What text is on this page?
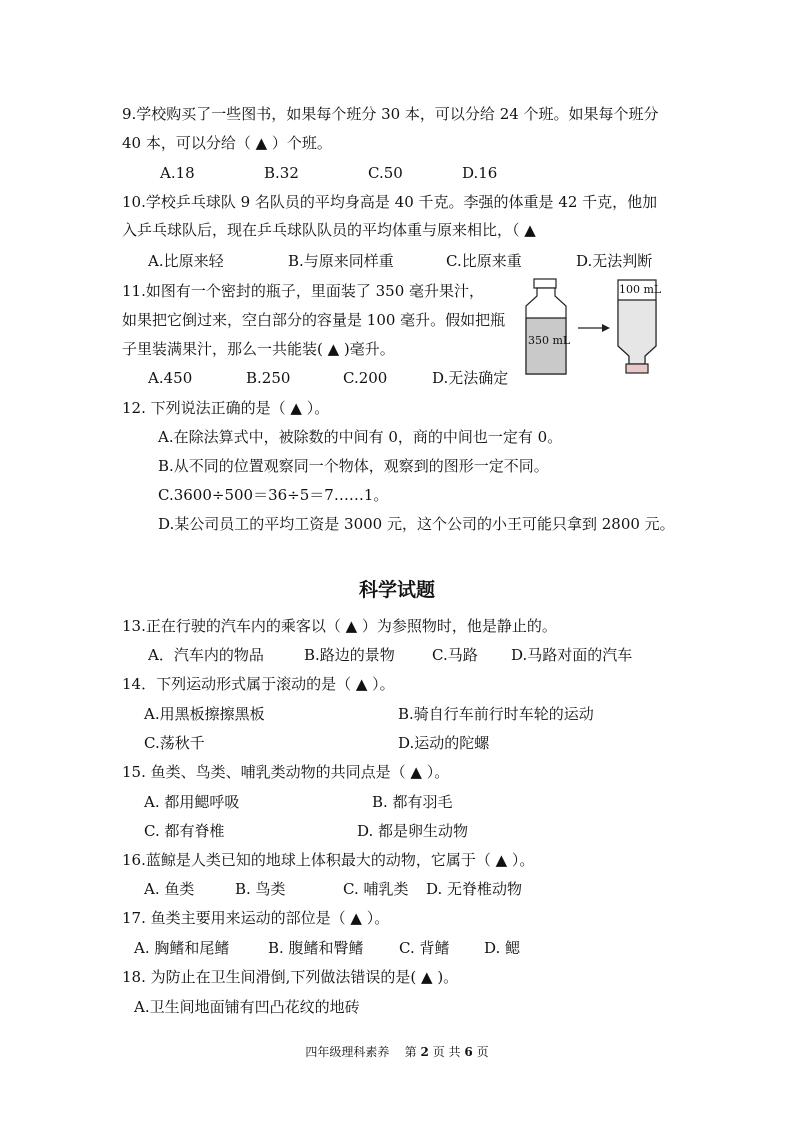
9.学校购买了一些图书，如果每个班分 30 本，可以分给 24 个班。如果每个班分
40 本，可以分给（ ▲ ）个班。
A.18	B.32	C.50	D.16
10.学校乒乓球队 9 名队员的平均身高是 40 千克。李强的体重是 42 千克，他加
入乒乓球队后，现在乒乓球队队员的平均体重与原来相比，（ ▲
A.比原来轻	B.与原来同样重	C.比原来重	D.无法判断
11.如图有一个密封的瓶子，里面装了 350 毫升果汁，
如果把它倒过来，空白部分的容量是 100 毫升。假如把瓶
子里装满果汁，那么一共能装( ▲ )毫升。
A.450	B.250	C.200	D.无法确定
350 mL
100 mL
12. 下列说法正确的是（ ▲ ）。
A.在除法算式中，被除数的中间有 0，商的中间也一定有 0。
B.从不同的位置观察同一个物体，观察到的图形一定不同。
C.3600÷500＝36÷5＝7……1。
D.某公司员工的平均工资是 3000 元，这个公司的小王可能只拿到 2800 元。
科学试题
13.正在行驶的汽车内的乘客以（ ▲ ）为参照物时，他是静止的。
A．汽车内的物品	B.路边的景物 C.马路 D.马路对面的汽车
14．下列运动形式属于滚动的是（ ▲ ）。
A.用黑板擦擦黑板	B.骑自行车前行时车轮的运动
C.荡秋千	D.运动的陀螺
15. 鱼类、鸟类、哺乳类动物的共同点是（ ▲ ）。
A. 都用鳃呼吸	B. 都有羽毛
C. 都有脊椎	D. 都是卵生动物
16.蓝鲸是人类已知的地球上体积最大的动物，它属于（ ▲ ）。
A. 鱼类	B. 鸟类	C. 哺乳类 D. 无脊椎动物
17. 鱼类主要用来运动的部位是（ ▲ ）。
A. 胸鳍和尾鳍	B. 腹鳍和臀鳍 C. 背鳍 D. 鳃
18. 为防止在卫生间滑倒,下列做法错误的是( ▲ )。
A.卫生间地面铺有凹凸花纹的地砖
四年级理科素养 第 2 页 共 6 页
